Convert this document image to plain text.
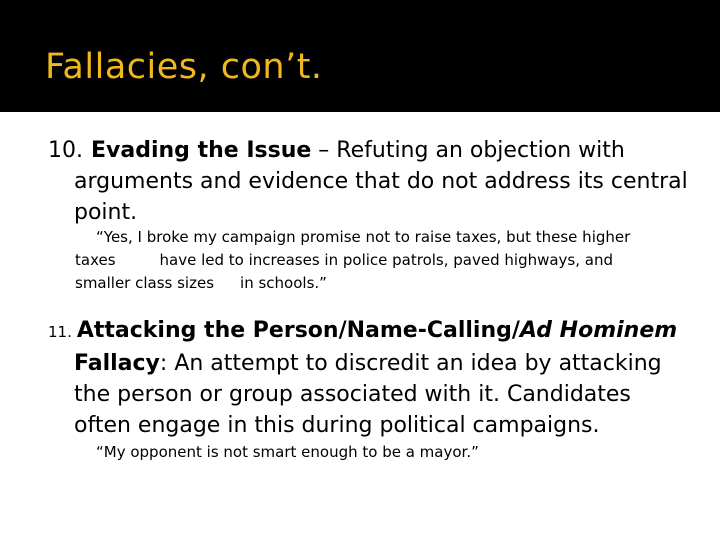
Fallacies, con’t.
10. Evading the Issue – Refuting an objection with arguments and evidence that do not address its central point.
“Yes, I broke my campaign promise not to raise taxes, but these higher
taxes	have led to increases in police patrols, paved highways, and
smaller class sizes in schools.”
11. Attacking the Person/Name-Calling/Ad Hominem Fallacy: An attempt to discredit an idea by attacking the person or group associated with it. Candidates often engage in this during political campaigns.
“My opponent is not smart enough to be a mayor.”
